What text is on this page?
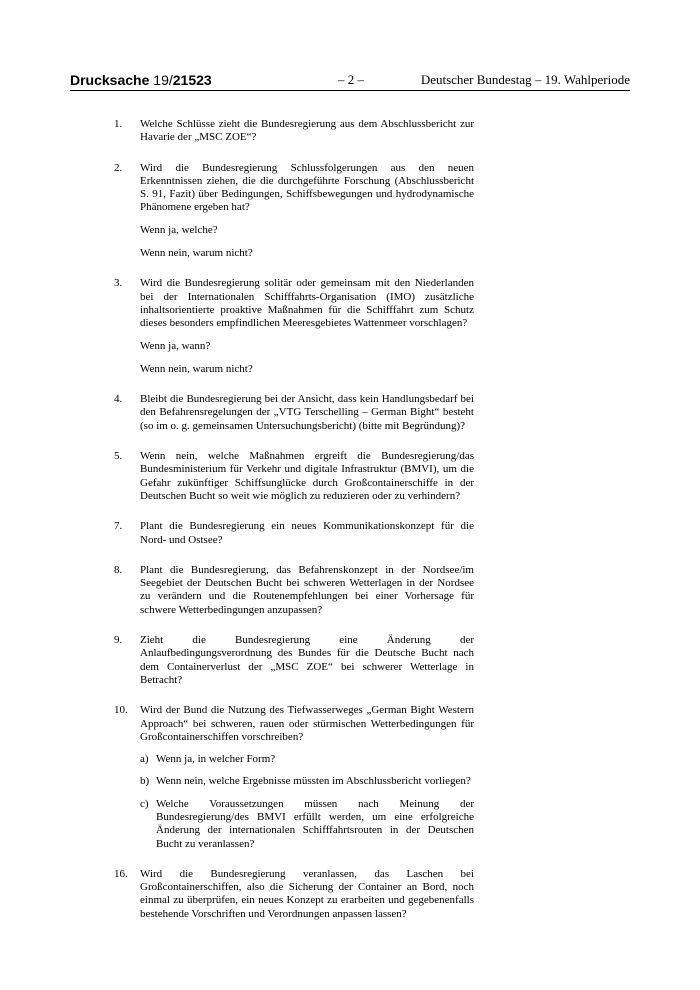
Drucksache 19/21523	– 2 –	Deutscher Bundestag – 19. Wahlperiode
1. Welche Schlüsse zieht die Bundesregierung aus dem Abschlussbericht zur Havarie der „MSC ZOE“?

2. Wird die Bundesregierung Schlussfolgerungen aus den neuen Erkenntnissen ziehen, die die durchgeführte Forschung (Abschlussbericht S. 91, Fazit) über Bedingungen, Schiffsbewegungen und hydrodynamische Phänomene ergeben hat?

Wenn ja, welche?

Wenn nein, warum nicht?

3. Wird die Bundesregierung solitär oder gemeinsam mit den Niederlanden bei der Internationalen Schifffahrts-Organisation (IMO) zusätzliche inhaltsorientierte proaktive Maßnahmen für die Schifffahrt zum Schutz dieses besonders empfindlichen Meeresgebietes Wattenmeer vorschlagen?

Wenn ja, wann?

Wenn nein, warum nicht?

4. Bleibt die Bundesregierung bei der Ansicht, dass kein Handlungsbedarf bei den Befahrensregelungen der „VTG Terschelling – German Bight“ besteht (so im o. g. gemeinsamen Untersuchungsbericht) (bitte mit Begründung)?

5. Wenn nein, welche Maßnahmen ergreift die Bundesregierung/das Bundesministerium für Verkehr und digitale Infrastruktur (BMVI), um die Gefahr zukünftiger Schiffsunglücke durch Großcontainerschiffe in der Deutschen Bucht so weit wie möglich zu reduzieren oder zu verhindern?

7. Plant die Bundesregierung ein neues Kommunikationskonzept für die Nord- und Ostsee?

8. Plant die Bundesregierung, das Befahrenskonzept in der Nordsee/im Seegebiet der Deutschen Bucht bei schweren Wetterlagen in der Nordsee zu verändern und die Routenempfehlungen bei einer Vorhersage für schwere Wetterbedingungen anzupassen?

9. Zieht die Bundesregierung eine Änderung der Anlaufbedingungsverordnung des Bundes für die Deutsche Bucht nach dem Containerverlust der „MSC ZOE“ bei schwerer Wetterlage in Betracht?

10. Wird der Bund die Nutzung des Tiefwasserweges „German Bight Western Approach“ bei schweren, rauen oder stürmischen Wetterbedingungen für Großcontainerschiffen vorschreiben?

a) Wenn ja, in welcher Form?
b) Wenn nein, welche Ergebnisse müssten im Abschlussbericht vorliegen?
c) Welche Voraussetzungen müssen nach Meinung der Bundesregierung/des BMVI erfüllt werden, um eine erfolgreiche Änderung der internationalen Schifffahrtsrouten in der Deutschen Bucht zu veranlassen?
16. Wird die Bundesregierung veranlassen, das Laschen bei Großcontainerschiffen, also die Sicherung der Container an Bord, noch einmal zu überprüfen, ein neues Konzept zu erarbeiten und gegebenenfalls bestehende Vorschriften und Verordnungen anpassen lassen?
